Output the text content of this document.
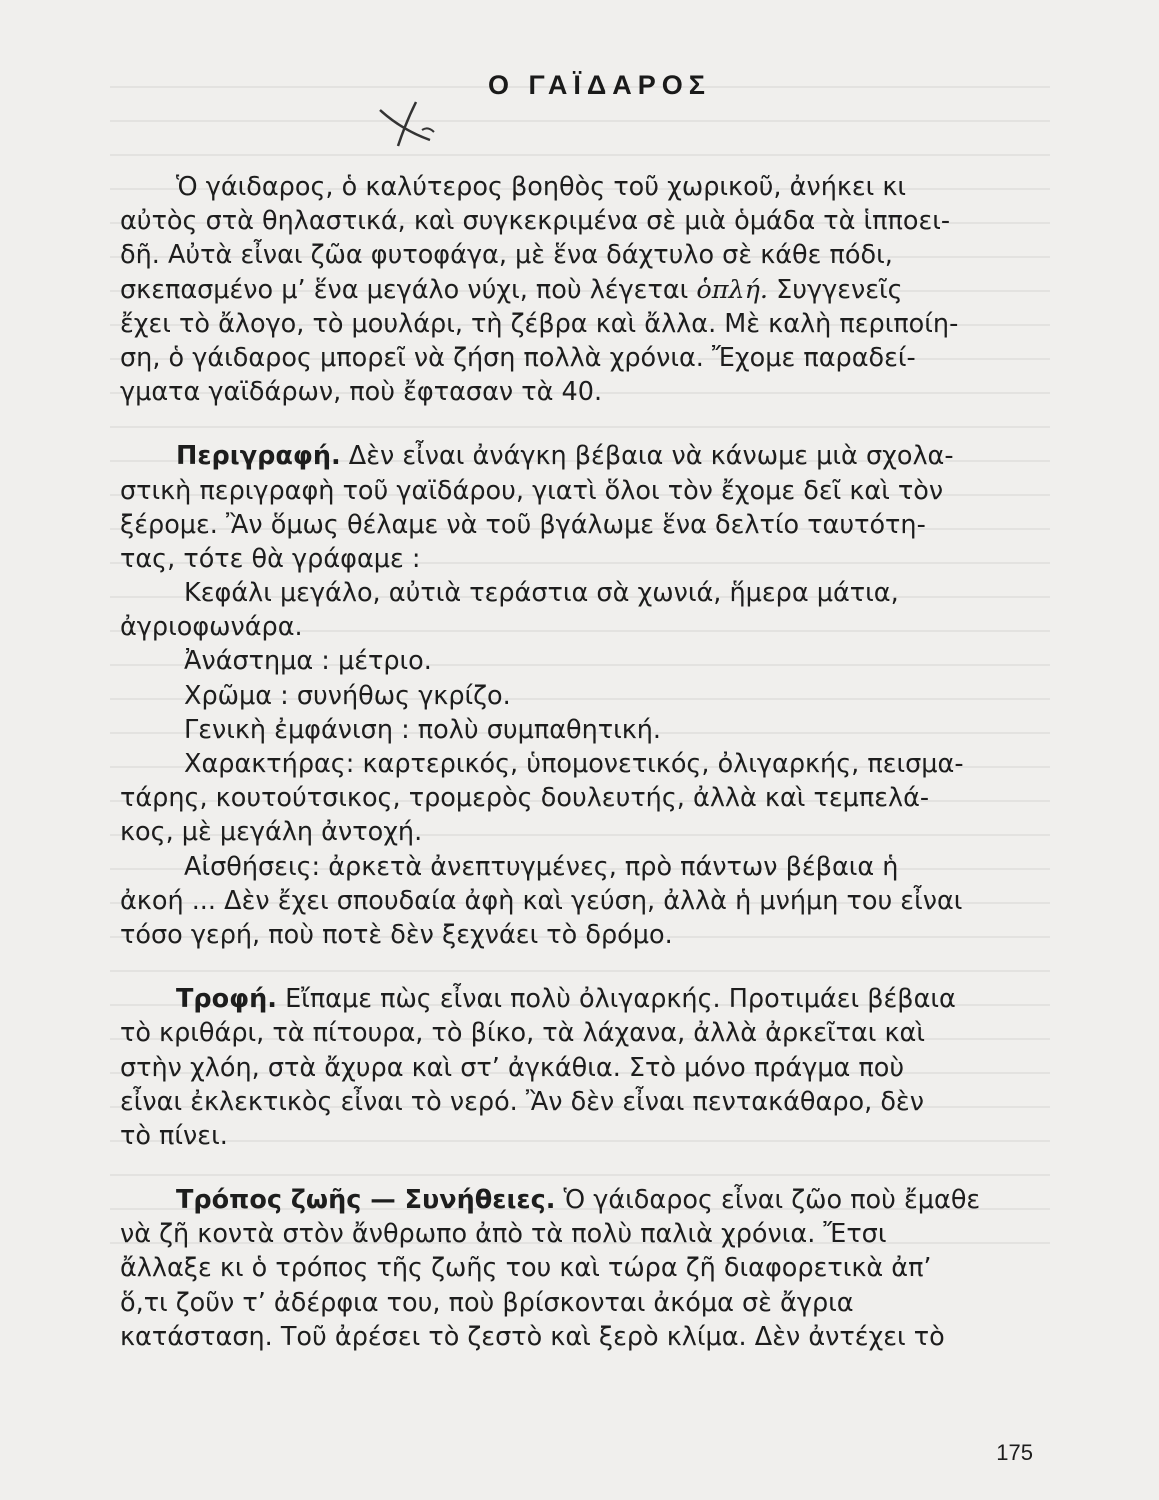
Ο ΓΑΪΔΑΡΟΣ
Ὁ γάιδαρος, ὁ καλύτερος βοηθὸς τοῦ χωρικοῦ, ἀνήκει κι
αὐτὸς στὰ θηλαστικά, καὶ συγκεκριμένα σὲ μιὰ ὁμάδα τὰ ἱπποει-
δῆ. Αὐτὰ εἶναι ζῶα φυτοφάγα, μὲ ἕνα δάχτυλο σὲ κάθε πόδι,
σκεπασμένο μ’ ἕνα μεγάλο νύχι, ποὺ λέγεται ὁπλή. Συγγενεῖς
ἔχει τὸ ἄλογο, τὸ μουλάρι, τὴ ζέβρα καὶ ἄλλα. Μὲ καλὴ περιποίη-
ση, ὁ γάιδαρος μπορεῖ νὰ ζήση πολλὰ χρόνια. Ἔχομε παραδεί-
γματα γαϊδάρων, ποὺ ἔφτασαν τὰ 40.
Περιγραφή. Δὲν εἶναι ἀνάγκη βέβαια νὰ κάνωμε μιὰ σχολα-
στικὴ περιγραφὴ τοῦ γαϊδάρου, γιατὶ ὅλοι τὸν ἔχομε δεῖ καὶ τὸν
ξέρομε. Ἂν ὅμως θέλαμε νὰ τοῦ βγάλωμε ἕνα δελτίο ταυτότη-
τας, τότε θὰ γράφαμε :
Κεφάλι μεγάλο, αὐτιὰ τεράστια σὰ χωνιά, ἥμερα μάτια,
ἀγριοφωνάρα.
Ἀνάστημα : μέτριο.
Χρῶμα : συνήθως γκρίζο.
Γενικὴ ἐμφάνιση : πολὺ συμπαθητική.
Χαρακτήρας: καρτερικός, ὑπομονετικός, ὀλιγαρκής, πεισμα-
τάρης, κουτούτσικος, τρομερὸς δουλευτής, ἀλλὰ καὶ τεμπελά-
κος, μὲ μεγάλη ἀντοχή.
Αἰσθήσεις: ἀρκετὰ ἀνεπτυγμένες, πρὸ πάντων βέβαια ἡ
ἀκοή ... Δὲν ἔχει σπουδαία ἀφὴ καὶ γεύση, ἀλλὰ ἡ μνήμη του εἶναι
τόσο γερή, ποὺ ποτὲ δὲν ξεχνάει τὸ δρόμο.
Τροφή. Εἴπαμε πὼς εἶναι πολὺ ὀλιγαρκής. Προτιμάει βέβαια
τὸ κριθάρι, τὰ πίτουρα, τὸ βίκο, τὰ λάχανα, ἀλλὰ ἀρκεῖται καὶ
στὴν χλόη, στὰ ἄχυρα καὶ στ’ ἀγκάθια. Στὸ μόνο πράγμα ποὺ
εἶναι ἐκλεκτικὸς εἶναι τὸ νερό. Ἂν δὲν εἶναι πεντακάθαρο, δὲν
τὸ πίνει.
Τρόπος ζωῆς — Συνήθειες. Ὁ γάιδαρος εἶναι ζῶο ποὺ ἔμαθε
νὰ ζῆ κοντὰ στὸν ἄνθρωπο ἀπὸ τὰ πολὺ παλιὰ χρόνια. Ἔτσι
ἄλλαξε κι ὁ τρόπος τῆς ζωῆς του καὶ τώρα ζῆ διαφορετικὰ ἀπ’
ὅ,τι ζοῦν τ’ ἀδέρφια του, ποὺ βρίσκονται ἀκόμα σὲ ἄγρια
κατάσταση. Τοῦ ἀρέσει τὸ ζεστὸ καὶ ξερὸ κλίμα. Δὲν ἀντέχει τὸ
175
